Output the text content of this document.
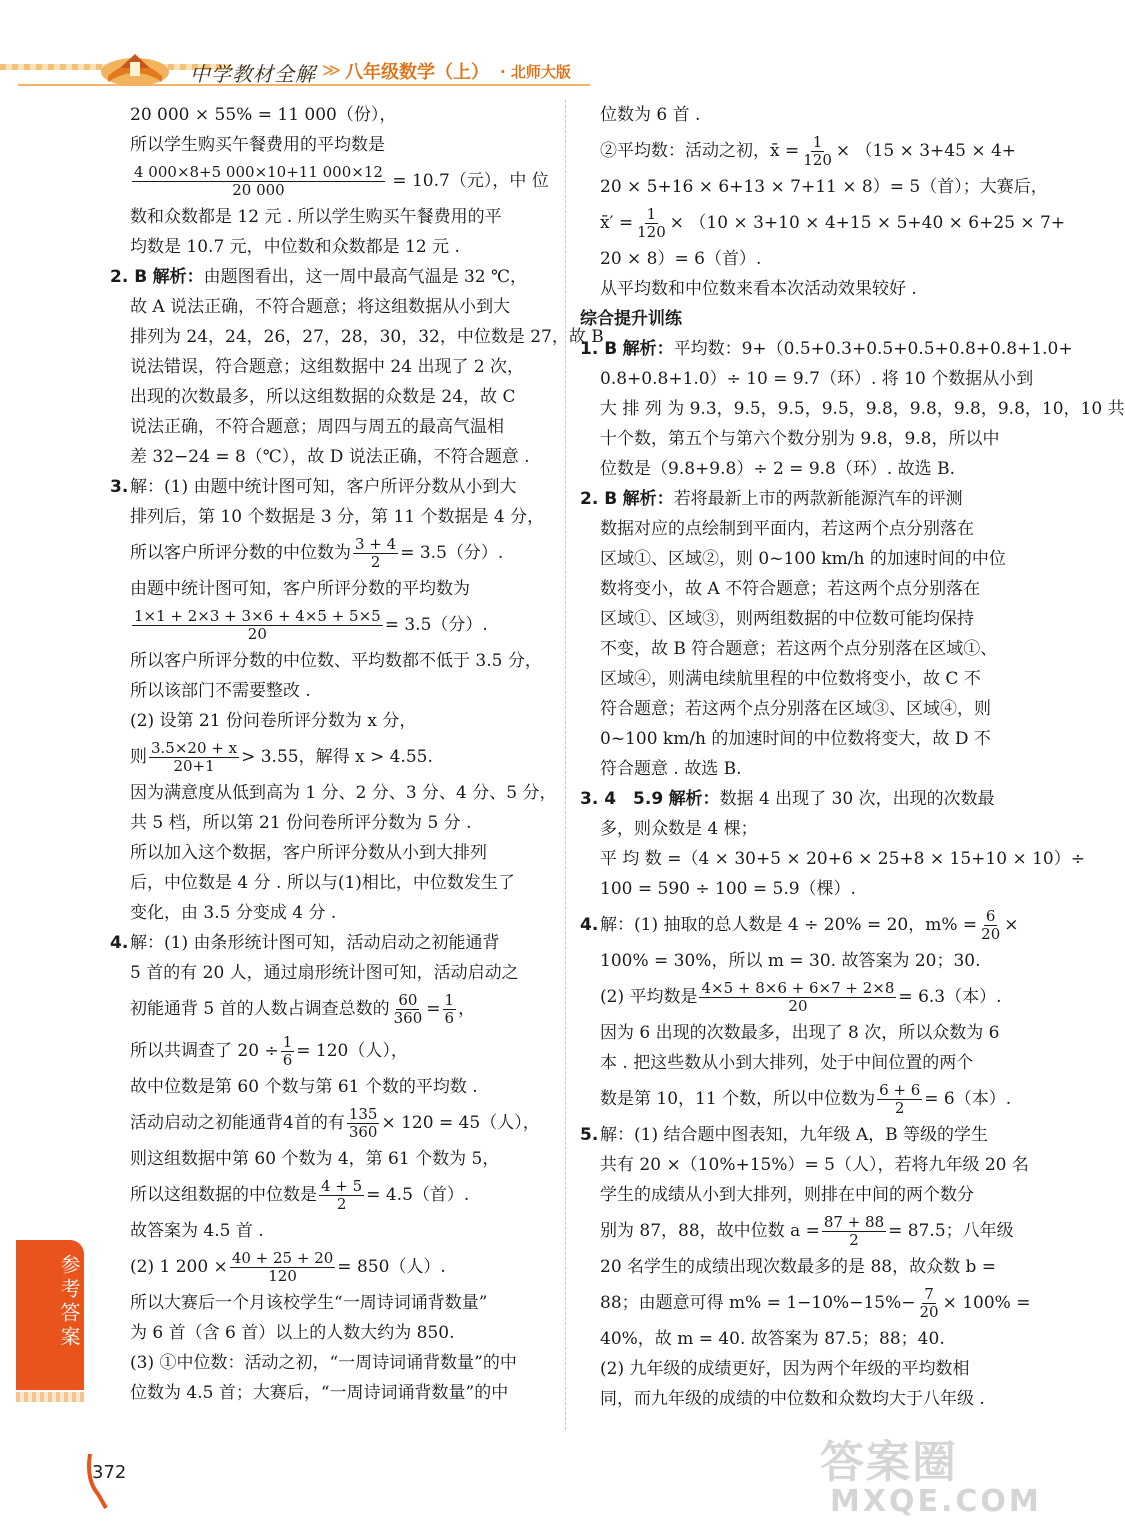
中学教材全解 ≫ 八年级数学（上） · 北师大版
20 000 × 55% = 11 000（份），
所以学生购买午餐费用的平均数是
$\frac{4 000\times 8+5 000\times 10+11 000\times 12}{20 000} = 10.7$（元），中 位
数和众数都是 12 元 . 所以学生购买午餐费用的平
均数是 10.7 元，中位数和众数都是 12 元 .
2. B 解析：由题图看出，这一周中最高气温是 32 ℃，
故 A 说法正确，不符合题意；将这组数据从小到大
排列为 24，24，26，27，28，30，32，中位数是 27，故 B
说法错误，符合题意；这组数据中 24 出现了 2 次，
出现的次数最多，所以这组数据的众数是 24，故 C
说法正确，不符合题意；周四与周五的最高气温相
差 32−24 = 8（℃），故 D 说法正确，不符合题意 .
3. 解：(1) 由题中统计图可知，客户所评分数从小到大
排列后，第 10 个数据是 3 分，第 11 个数据是 4 分，
所以客户所评分数的中位数为 $\frac{3 + 4}{2} = 3.5$（分）.
由题中统计图可知，客户所评分数的平均数为
$\frac{1\times 1 + 2\times 3 + 3\times 6 + 4\times 5 + 5\times 5}{20} = 3.5$（分）.
所以客户所评分数的中位数、平均数都不低于 3.5 分，
所以该部门不需要整改 .
(2) 设第 21 份问卷所评分数为 x 分，
则 $\frac{3.5\times 20 + x}{20+1} > 3.55$，解得 x > 4.55.
因为满意度从低到高为 1 分、2 分、3 分、4 分、5 分，
共 5 档，所以第 21 份问卷所评分数为 5 分 .
所以加入这个数据，客户所评分数从小到大排列
后，中位数是 4 分 . 所以与(1)相比，中位数发生了
变化，由 3.5 分变成 4 分 .
4. 解：(1) 由条形统计图可知，活动启动之初能通背
5 首的有 20 人，通过扇形统计图可知，活动启动之
初能通背 5 首的人数占调查总数的 $\frac{60}{360} = \frac{1}{6}$ ，
所以共调查了 $20 \div \frac{1}{6} = 120$（人），
故中位数是第 60 个数与第 61 个数的平均数 .
活动启动之初能通背4首的有 $\frac{135}{360} \times 120 = 45$（人），
则这组数据中第 60 个数为 4，第 61 个数为 5，
所以这组数据的中位数是 $\frac{4 + 5}{2} = 4.5$（首）.
故答案为 4.5 首 .
(2) 1 $200 \times \frac{40 + 25 + 20}{120} = 850$（人）.
所以大赛后一个月该校学生“一周诗词诵背数量”
为 6 首（含 6 首）以上的人数大约为 850.
(3) ①中位数：活动之初，“一周诗词诵背数量”的中
位数为 4.5 首；大赛后，“一周诗词诵背数量”的中
位数为 6 首 .
②平均数：活动之初，x̄ = $\frac{1}{120} \times (15 \times 3+45 \times 4+$
20 × 5+16 × 6+13 × 7+11 × 8）= 5（首）；大赛后，
x̄′ = $\frac{1}{120} \times (10 \times 3+10 \times 4+15 \times 5+40 \times 6+25 \times 7+$
20 × 8）= 6（首）.
从平均数和中位数来看本次活动效果较好 .
综合提升训练
1. B 解析：平均数：9+（0.5+0.3+0.5+0.5+0.8+0.8+1.0+
0.8+0.8+1.0）÷ 10 = 9.7（环）. 将 10 个数据从小到
大 排 列 为 9.3，9.5，9.5，9.5，9.8，9.8，9.8，9.8，10，10 共
十个数，第五个与第六个数分别为 9.8，9.8，所以中
位数是（9.8+9.8）÷ 2 = 9.8（环）. 故选 B.
2. B 解析：若将最新上市的两款新能源汽车的评测
数据对应的点绘制到平面内，若这两个点分别落在
区域①、区域②，则 0~100 km/h 的加速时间的中位
数将变小，故 A 不符合题意；若这两个点分别落在
区域①、区域③，则两组数据的中位数可能均保持
不变，故 B 符合题意；若这两个点分别落在区域①、
区域④，则满电续航里程的中位数将变小，故 C 不
符合题意；若这两个点分别落在区域③、区域④，则
0~100 km/h 的加速时间的中位数将变大，故 D 不
符合题意 . 故选 B.
3. 4　5.9 解析：数据 4 出现了 30 次，出现的次数最
多，则众数是 4 棵；
平 均 数 =（4 × 30+5 × 20+6 × 25+8 × 15+10 × 10）÷
100 = 590 ÷ 100 = 5.9（棵）.
4. 解：(1) 抽取的总人数是 4 ÷ 20% = 20，$m\% = \frac{6}{20}$ ×
100% = 30%，所以 m = 30. 故答案为 20；30.
(2) 平均数是 $\frac{4\times 5 + 8\times 6 + 6\times 7 + 2\times 8}{20} = 6.3$（本）.
因为 6 出现的次数最多，出现了 8 次，所以众数为 6
本 . 把这些数从小到大排列，处于中间位置的两个
数是第 10，11 个数，所以中位数为 $\frac{6 + 6}{2} = 6$（本）.
5. 解：(1) 结合题中图表知，九年级 A，B 等级的学生
共有 20 ×（10%+15%）= 5（人），若将九年级 20 名
学生的成绩从小到大排列，则排在中间的两个数分
别为 87，88，故中位数 $a = \frac{87 + 88}{2} = 87.5$；八年级
20 名学生的成绩出现次数最多的是 88，故众数 b =
88；由题意可得 $m\% = 1-10\%-15\%- \frac{7}{20} \times 100\%$ =
40%，故 m = 40. 故答案为 87.5；88；40.
(2) 九年级的成绩更好，因为两个年级的平均数相
同，而九年级的成绩的中位数和众数均大于八年级 .
参考答案
372	答案圈
MXQE.COM
